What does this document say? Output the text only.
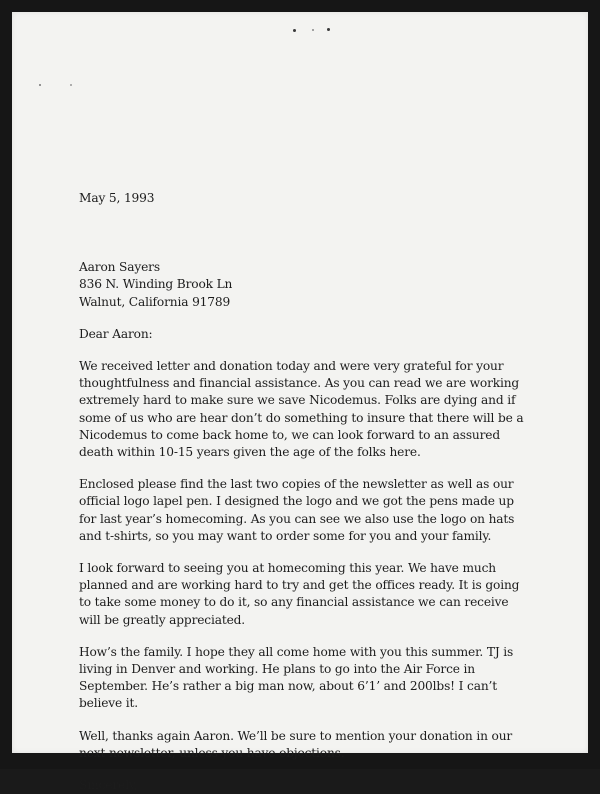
May 5, 1993

Aaron Sayers
836 N. Winding Brook Ln
Walnut, California 91789

Dear Aaron:

We received letter and donation today and were very grateful for your thoughtfulness and financial assistance. As you can read we are working extremely hard to make sure we save Nicodemus. Folks are dying and if some of us who are hear don’t do something to insure that there will be a Nicodemus to come back home to, we can look forward to an assured death within 10-15 years given the age of the folks here.

Enclosed please find the last two copies of the newsletter as well as our official logo lapel pen. I designed the logo and we got the pens made up for last year’s homecoming. As you can see we also use the logo on hats and t-shirts, so you may want to order some for you and your family.

I look forward to seeing you at homecoming this year. We have much planned and are working hard to try and get the offices ready. It is going to take some money to do it, so any financial assistance we can receive will be greatly appreciated.

How’s the family. I hope they all come home with you this summer. TJ is living in Denver and working. He plans to go into the Air Force in September. He’s rather a big man now, about 6’1’ and 200lbs! I can’t believe it.

Well, thanks again Aaron. We’ll be sure to mention your donation in our next newsletter, unless you have objections.

Sincerely,
